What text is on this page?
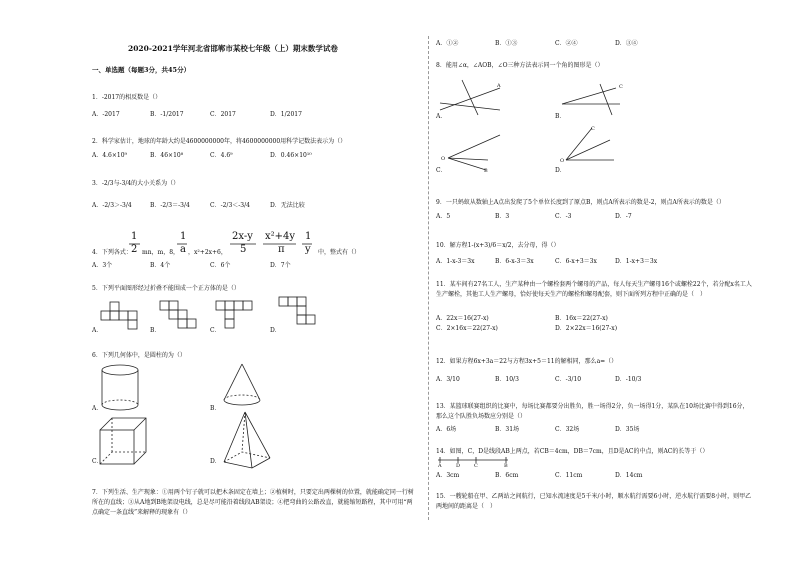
2020-2021学年河北省邯郸市某校七年级（上）期末数学试卷
一、单选题（每题3分，共45分）
1．-2017的相反数是（）
A．-2017	B．-1/2017	C．2017	D．1/2017
2．科学家估计，地球的年龄大约是4600000000年，将4600000000用科学记数法表示为（）
A．4.6×10⁹	B．46×10⁸	C．4.6⁹	D．0.46×10¹⁰
3．-2/3与-3/4的大小关系为（）
A．-2/3＞-3/4	B．-2/3＝-3/4	C．-2/3＜-3/4	D．无法比较
1
2
1
a
2x-y
5
x²+4y
π
1
y
4．下列各式： mn，m，8， ，x²+2x+6，	中，整式有（）
A．3个	B．4个	C．6个	D．7个
5．下列平面图形经过折叠不能围成一个正方体的是（）
A．	B．	C．	D．
6．下列几何体中，是圆柱的为（）
A．	B．
C．	D．
7．下列生活、生产现象：①用两个钉子就可以把木条固定在墙上；②植树时，只要定出两棵树的位置，就能确定同一行树所在的直线；③从A地到B地架设电线，总是尽可能沿着线段AB架设；④把弯曲的公路改直，就能缩短路程，其中可用“两点确定一条直线”来解释的现象有（）
A．①②	B．①③	C．②④	D．③④
8．能用∠α，∠AOB，∠O三种方法表示同一个角的图形是（）
A．	B．
C．	D．
A	C
O
B
C
O
9．一只蚂蚁从数轴上A点出发爬了5个单位长度到了原点B，则点A所表示的数是-2，则点A所表示的数是（）
A．5	B．3	C．-3	D．-7
10．解方程1-(x+3)/6＝x/2，去分母，得（）
A．1-x-3＝3x	B．6-x-3＝3x	C．6-x+3＝3x	D．1-x+3＝3x
11．某车间有27名工人，生产某种由一个螺栓套两个螺母的产品，每人每天生产螺母16个或螺栓22个，若分配x名工人生产螺栓，其他工人生产螺母，恰好使每天生产的螺栓和螺母配套，则下面所列方程中正确的是（　）
A．22x＝16(27-x)	B．16x＝22(27-x)
C．2×16x＝22(27-x)	D．2×22x＝16(27-x)
12．如果方程6x+3a＝22与方程3x+5＝11的解相同，那么a=（）
A．3/10	B．10/3	C．-3/10	D．-10/3
13．某篮球联赛组织的比赛中，每场比赛都要分出胜负，胜一场得2分，负一场得1分，某队在10场比赛中得到16分，那么这个队胜负场数应分别是（）
A．6场	B．31场	C．32场	D．35场
14．如图，C，D是线段AB上两点，若CB＝4cm，DB＝7cm，且D是AC的中点，则AC的长等于（）
A	D	C	B
A．3cm	B．6cm	C．11cm	D．14cm
15．一艘轮船在甲、乙两站之间航行，已知水流速度是5千米/小时，顺水航行需要6小时，逆水航行需要8小时，则甲乙两地间的距离是（　）
